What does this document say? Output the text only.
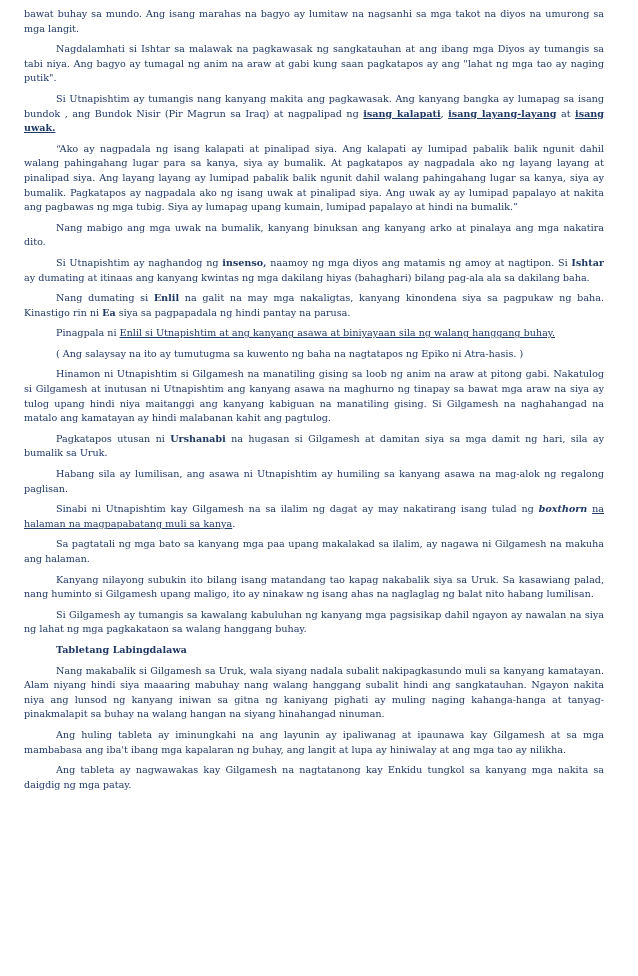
bawat buhay sa mundo. Ang isang marahas na bagyo ay lumitaw na nagsanhi sa mga takot na diyos na umurong sa mga langit.

Nagdalamhati si Ishtar sa malawak na pagkawasak ng sangkatauhan at ang ibang mga Diyos ay tumangis sa tabi niya. Ang bagyo ay tumagal ng anim na araw at gabi kung saan pagkatapos ay ang "lahat ng mga tao ay naging putik".

Si Utnapishtim ay tumangis nang kanyang makita ang pagkawasak. Ang kanyang bangka ay lumapag sa isang bundok , ang Bundok Nisir (Pir Magrun sa Iraq) at nagpalipad ng isang kalapati, isang layang-layang at isang uwak.

“Ako ay nagpadala ng isang kalapati at pinalipad siya. Ang kalapati ay lumipad pabalik balik ngunit dahil walang pahingahang lugar para sa kanya, siya ay bumalik. At pagkatapos ay nagpadala ako ng layang layang at pinalipad siya. Ang layang layang ay lumipad pabalik balik ngunit dahil walang pahingahang lugar sa kanya, siya ay bumalik. Pagkatapos ay nagpadala ako ng isang uwak at pinalipad siya. Ang uwak ay ay lumipad papalayo at nakita ang pagbawas ng mga tubig. Siya ay lumapag upang kumain, lumipad papalayo at hindi na bumalik.”

Nang mabigo ang mga uwak na bumalik, kanyang binuksan ang kanyang arko at pinalaya ang mga nakatira dito.

Si Utnapishtim ay naghandog ng insenso, naamoy ng mga diyos ang matamis ng amoy at nagtipon. Si Ishtar ay dumating at itinaas ang kanyang kwintas ng mga dakilang hiyas (bahaghari) bilang pag-ala ala sa dakilang baha.

Nang dumating si Enlil na galit na may mga nakaligtas, kanyang kinondena siya sa pagpukaw ng baha. Kinastigo rin ni Ea siya sa pagpapadala ng hindi pantay na parusa.

Pinagpala ni Enlil si Utnapishtim at ang kanyang asawa at biniyayaan sila ng walang hanggang buhay.

( Ang salaysay na ito ay tumutugma sa kuwento ng baha na nagtatapos ng Epiko ni Atra-hasis. )

Hinamon ni Utnapishtim si Gilgamesh na manatiling gising sa loob ng anim na araw at pitong gabi. Nakatulog si Gilgamesh at inutusan ni Utnapishtim ang kanyang asawa na maghurno ng tinapay sa bawat mga araw na siya ay tulog upang hindi niya maitanggi ang kanyang kabiguan na manatiling gising. Si Gilgamesh na naghahangad na matalo ang kamatayan ay hindi malabanan kahit ang pagtulog.

Pagkatapos utusan ni Urshanabi na hugasan si Gilgamesh at damitan siya sa mga damit ng hari, sila ay bumalik sa Uruk.

Habang sila ay lumilisan, ang asawa ni Utnapishtim ay humiling sa kanyang asawa na mag-alok ng regalong paglisan.

Sinabi ni Utnapishtim kay Gilgamesh na sa ilalim ng dagat ay may nakatirang isang tulad ng boxthorn na halaman na magpapabatang muli sa kanya.

Sa pagtatali ng mga bato sa kanyang mga paa upang makalakad sa ilalim, ay nagawa ni Gilgamesh na makuha ang halaman.

Kanyang nilayong subukin ito bilang isang matandang tao kapag nakabalik siya sa Uruk. Sa kasawiang palad, nang huminto si Gilgamesh upang maligo, ito ay ninakaw ng isang ahas na naglaglag ng balat nito habang lumilisan.

Si Gilgamesh ay tumangis sa kawalang kabuluhan ng kanyang mga pagsisikap dahil ngayon ay nawalan na siya ng lahat ng mga pagkakataon sa walang hanggang buhay.

Tabletang Labingdalawa

Nang makabalik si Gilgamesh sa Uruk, wala siyang nadala subalit nakipagkasundo muli sa kanyang kamatayan. Alam niyang hindi siya maaaring mabuhay nang walang hanggang subalit hindi ang sangkatauhan. Ngayon nakita niya ang lunsod ng kanyang iniwan sa gitna ng kaniyang pighati ay muling naging kahanga-hanga at tanyag- pinakmalapit sa buhay na walang hangan na siyang hinahangad ninuman.

Ang huling tableta ay iminungkahi na ang layunin ay ipaliwanag at ipaunawa kay Gilgamesh at sa mga mambabasa ang iba't ibang mga kapalaran ng buhay, ang langit at lupa ay hiniwalay at ang mga tao ay nilikha.

Ang tableta ay nagwawakas kay Gilgamesh na nagtatanong kay Enkidu tungkol sa kanyang mga nakita sa daigdig ng mga patay.
